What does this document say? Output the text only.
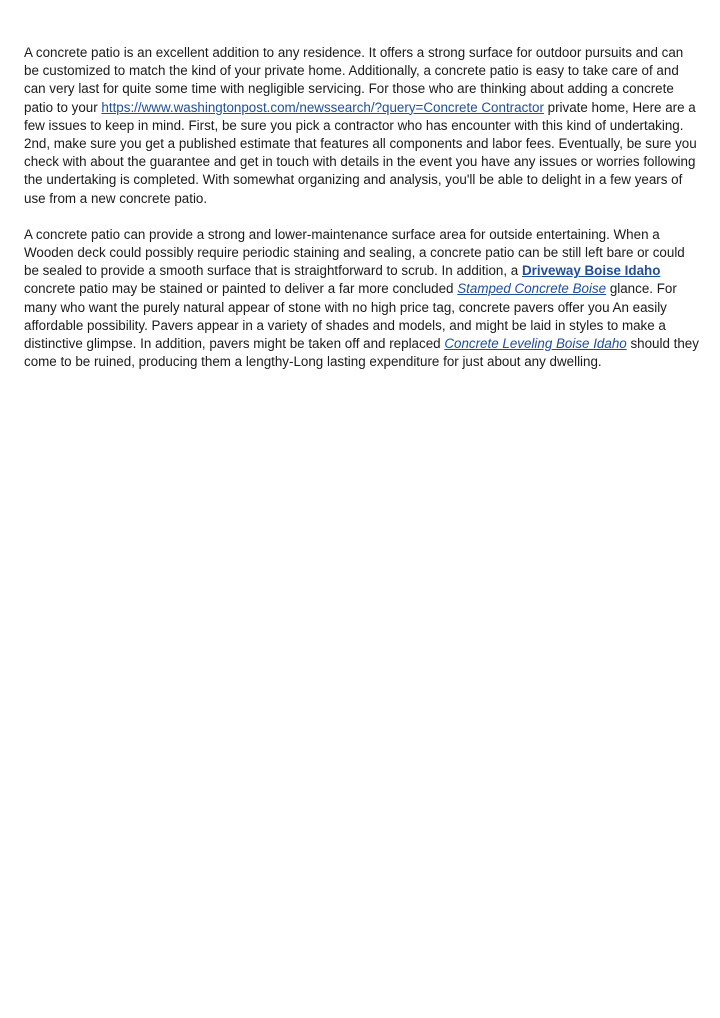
A concrete patio is an excellent addition to any residence. It offers a strong surface for outdoor pursuits and can be customized to match the kind of your private home. Additionally, a concrete patio is easy to take care of and can very last for quite some time with negligible servicing. For those who are thinking about adding a concrete patio to your https://www.washingtonpost.com/newssearch/?query=Concrete Contractor private home, Here are a few issues to keep in mind. First, be sure you pick a contractor who has encounter with this kind of undertaking. 2nd, make sure you get a published estimate that features all components and labor fees. Eventually, be sure you check with about the guarantee and get in touch with details in the event you have any issues or worries following the undertaking is completed. With somewhat organizing and analysis, you'll be able to delight in a few years of use from a new concrete patio.

A concrete patio can provide a strong and lower-maintenance surface area for outside entertaining. When a Wooden deck could possibly require periodic staining and sealing, a concrete patio can be still left bare or could be sealed to provide a smooth surface that is straightforward to scrub. In addition, a Driveway Boise Idaho concrete patio may be stained or painted to deliver a far more concluded Stamped Concrete Boise glance. For many who want the purely natural appear of stone with no high price tag, concrete pavers offer you An easily affordable possibility. Pavers appear in a variety of shades and models, and might be laid in styles to make a distinctive glimpse. In addition, pavers might be taken off and replaced Concrete Leveling Boise Idaho should they come to be ruined, producing them a lengthy-Long lasting expenditure for just about any dwelling.
